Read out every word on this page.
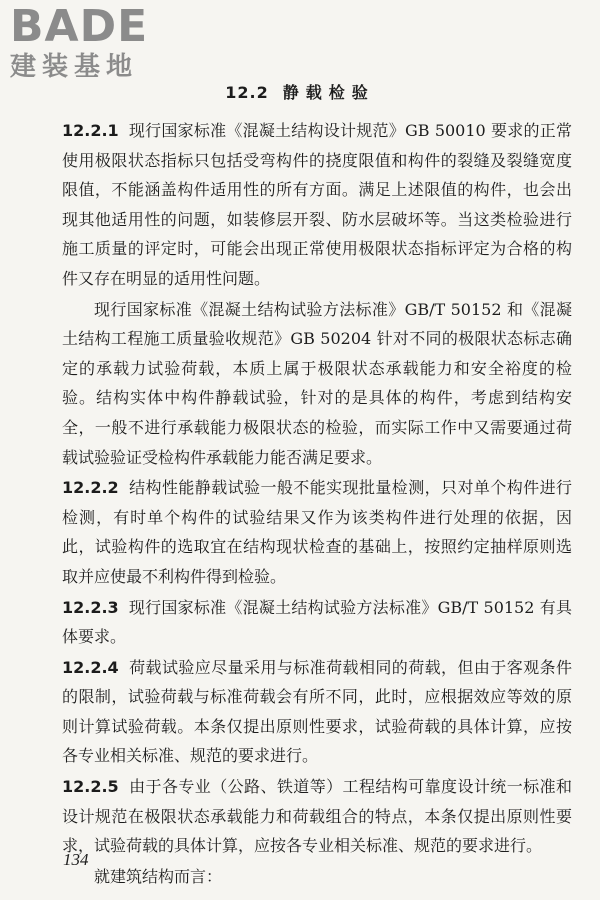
BADE
建装基地
12.2 静载检验

12.2.1 现行国家标准《混凝土结构设计规范》GB 50010 要求的正常使用极限状态指标只包括受弯构件的挠度限值和构件的裂缝及裂缝宽度限值，不能涵盖构件适用性的所有方面。满足上述限值的构件，也会出现其他适用性的问题，如装修层开裂、防水层破坏等。当这类检验进行施工质量的评定时，可能会出现正常使用极限状态指标评定为合格的构件又存在明显的适用性问题。

现行国家标准《混凝土结构试验方法标准》GB/T 50152 和《混凝土结构工程施工质量验收规范》GB 50204 针对不同的极限状态标志确定的承载力试验荷载，本质上属于极限状态承载能力和安全裕度的检验。结构实体中构件静载试验，针对的是具体的构件，考虑到结构安全，一般不进行承载能力极限状态的检验，而实际工作中又需要通过荷载试验验证受检构件承载能力能否满足要求。

12.2.2 结构性能静载试验一般不能实现批量检测，只对单个构件进行检测，有时单个构件的试验结果又作为该类构件进行处理的依据，因此，试验构件的选取宜在结构现状检查的基础上，按照约定抽样原则选取并应使最不利构件得到检验。

12.2.3 现行国家标准《混凝土结构试验方法标准》GB/T 50152 有具体要求。

12.2.4 荷载试验应尽量采用与标准荷载相同的荷载，但由于客观条件的限制，试验荷载与标准荷载会有所不同，此时，应根据效应等效的原则计算试验荷载。本条仅提出原则性要求，试验荷载的具体计算，应按各专业相关标准、规范的要求进行。

12.2.5 由于各专业（公路、铁道等）工程结构可靠度设计统一标准和设计规范在极限状态承载能力和荷载组合的特点，本条仅提出原则性要求，试验荷载的具体计算，应按各专业相关标准、规范的要求进行。

就建筑结构而言：

134
